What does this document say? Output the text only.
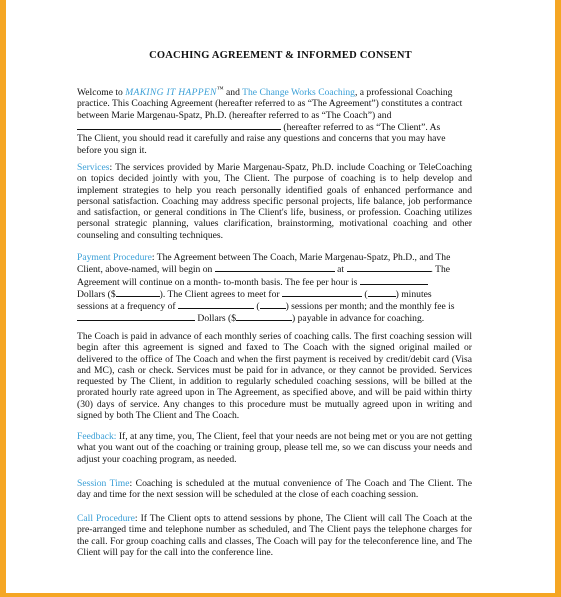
COACHING AGREEMENT & INFORMED CONSENT
Welcome to MAKING IT HAPPEN™ and The Change Works Coaching, a professional Coaching
practice. This Coaching Agreement (hereafter referred to as “The Agreement”) constitutes a contract
between Marie Margenau-Spatz, Ph.D. (hereafter referred to as “The Coach”) and
(hereafter referred to as “The Client”. As
The Client, you should read it carefully and raise any questions and concerns that you may have
before you sign it.
Services: The services provided by Marie Margenau-Spatz, Ph.D. include Coaching or TeleCoaching on topics decided jointly with you, The Client. The purpose of coaching is to help develop and implement strategies to help you reach personally identified goals of enhanced performance and personal satisfaction. Coaching may address specific personal projects, life balance, job performance and satisfaction, or general conditions in The Client's life, business, or profession. Coaching utilizes personal strategic planning, values clarification, brainstorming, motivational coaching and other counseling and consulting techniques.
Payment Procedure: The Agreement between The Coach, Marie Margenau-Spatz, Ph.D., and The
Client, above-named, will begin on	at	. The
Agreement will continue on a month- to-month basis. The fee per hour is
Dollars ($	). The Client agrees to meet for	(	) minutes
sessions at a frequency of	(	) sessions per month; and the monthly fee is
Dollars ($	) payable in advance for coaching.
The Coach is paid in advance of each monthly series of coaching calls. The first coaching session will begin after this agreement is signed and faxed to The Coach with the signed original mailed or delivered to the office of The Coach and when the first payment is received by credit/debit card (Visa and MC), cash or check. Services must be paid for in advance, or they cannot be provided. Services requested by The Client, in addition to regularly scheduled coaching sessions, will be billed at the prorated hourly rate agreed upon in The Agreement, as specified above, and will be paid within thirty (30) days of service. Any changes to this procedure must be mutually agreed upon in writing and signed by both The Client and The Coach.
Feedback: If, at any time, you, The Client, feel that your needs are not being met or you are not getting what you want out of the coaching or training group, please tell me, so we can discuss your needs and adjust your coaching program, as needed.
Session Time: Coaching is scheduled at the mutual convenience of The Coach and The Client. The day and time for the next session will be scheduled at the close of each coaching session.
Call Procedure: If The Client opts to attend sessions by phone, The Client will call The Coach at the pre-arranged time and telephone number as scheduled, and The Client pays the telephone charges for the call. For group coaching calls and classes, The Coach will pay for the teleconference line, and The Client will pay for the call into the conference line.
